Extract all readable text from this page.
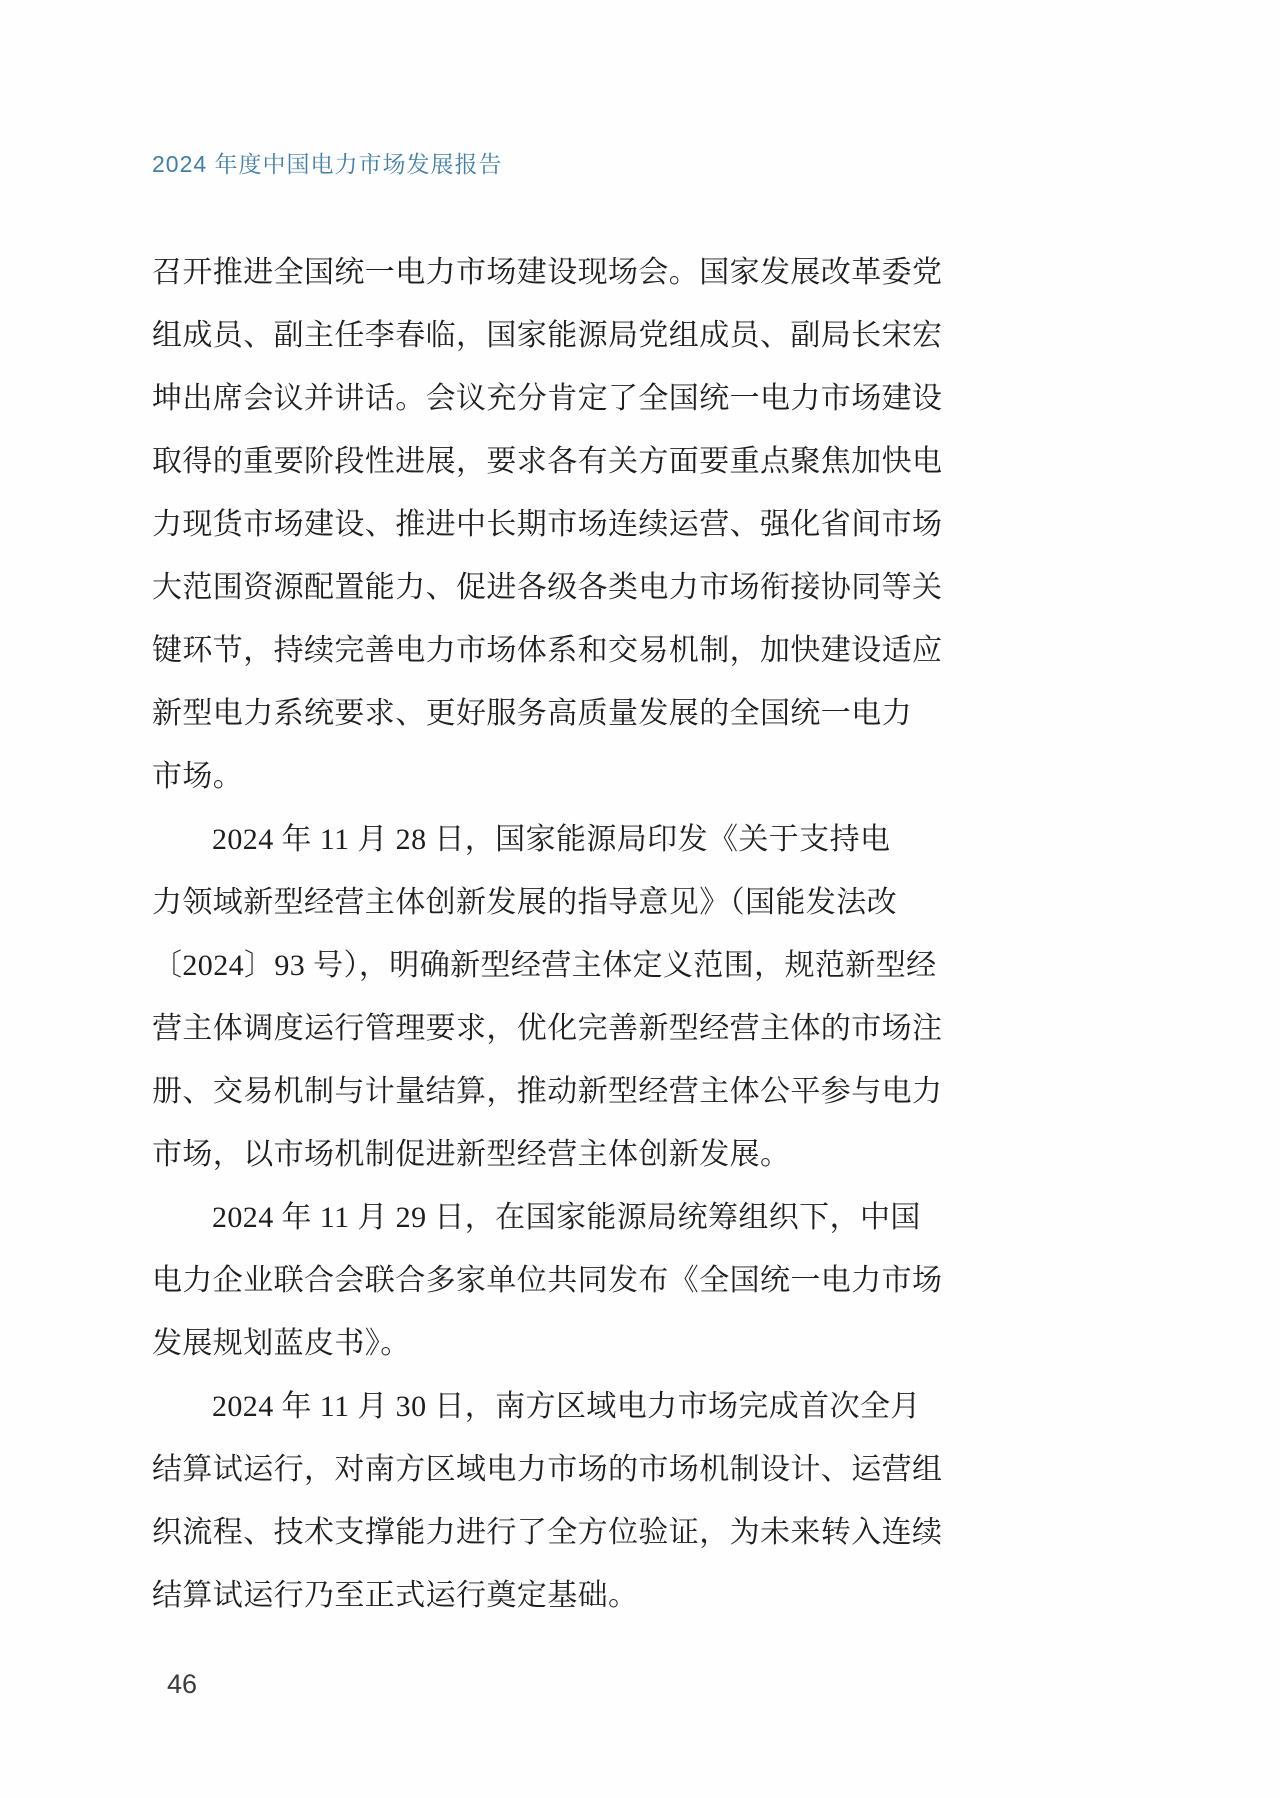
2024 年度中国电力市场发展报告
召开推进全国统一电力市场建设现场会。国家发展改革委党
组成员、副主任李春临，国家能源局党组成员、副局长宋宏
坤出席会议并讲话。会议充分肯定了全国统一电力市场建设
取得的重要阶段性进展，要求各有关方面要重点聚焦加快电
力现货市场建设、推进中长期市场连续运营、强化省间市场
大范围资源配置能力、促进各级各类电力市场衔接协同等关
键环节，持续完善电力市场体系和交易机制，加快建设适应
新型电力系统要求、更好服务高质量发展的全国统一电力
市场。
2024 年 11 月 28 日，国家能源局印发《关于支持电
力领域新型经营主体创新发展的指导意见》（国能发法改
〔2024〕93 号），明确新型经营主体定义范围，规范新型经
营主体调度运行管理要求，优化完善新型经营主体的市场注
册、交易机制与计量结算，推动新型经营主体公平参与电力
市场，以市场机制促进新型经营主体创新发展。
2024 年 11 月 29 日，在国家能源局统筹组织下，中国
电力企业联合会联合多家单位共同发布《全国统一电力市场
发展规划蓝皮书》。
2024 年 11 月 30 日，南方区域电力市场完成首次全月
结算试运行，对南方区域电力市场的市场机制设计、运营组
织流程、技术支撑能力进行了全方位验证，为未来转入连续
结算试运行乃至正式运行奠定基础。
46
